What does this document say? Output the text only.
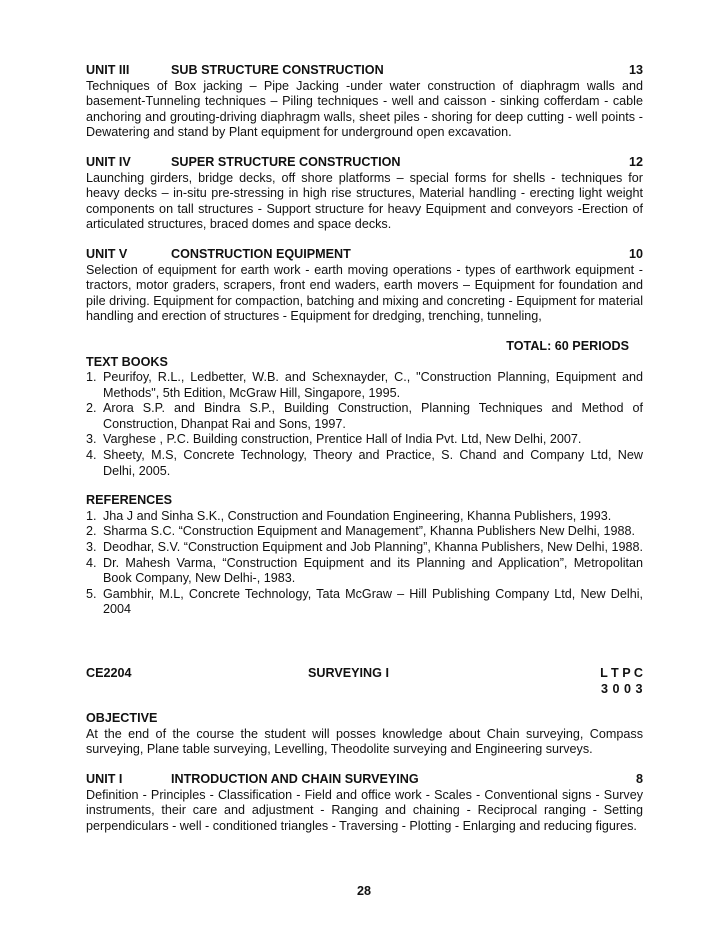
UNIT III	SUB STRUCTURE CONSTRUCTION	13
Techniques of Box jacking – Pipe Jacking -under water construction of diaphragm walls and basement-Tunneling techniques – Piling techniques - well and caisson - sinking cofferdam - cable anchoring and grouting-driving diaphragm walls, sheet piles - shoring for deep cutting - well points -Dewatering and stand by Plant equipment for underground open excavation.
UNIT IV	SUPER STRUCTURE CONSTRUCTION	12
Launching girders, bridge decks, off shore platforms – special forms for shells - techniques for heavy decks – in-situ pre-stressing in high rise structures, Material handling - erecting light weight components on tall structures - Support structure for heavy Equipment and conveyors -Erection of articulated structures, braced domes and space decks.
UNIT V	CONSTRUCTION EQUIPMENT	10
Selection of equipment for earth work - earth moving operations - types of earthwork equipment - tractors, motor graders, scrapers, front end waders, earth movers – Equipment for foundation and pile driving. Equipment for compaction, batching and mixing and concreting - Equipment for material handling and erection of structures - Equipment for dredging, trenching, tunneling,
TOTAL: 60 PERIODS
TEXT BOOKS
1. Peurifoy, R.L., Ledbetter, W.B. and Schexnayder, C., "Construction Planning, Equipment and Methods", 5th Edition, McGraw Hill, Singapore, 1995.
2. Arora S.P. and Bindra S.P., Building Construction, Planning Techniques and Method of Construction, Dhanpat Rai and Sons, 1997.
3. Varghese , P.C. Building construction, Prentice Hall of India Pvt. Ltd, New Delhi, 2007.
4. Sheety, M.S, Concrete Technology, Theory and Practice, S. Chand and Company Ltd, New Delhi, 2005.
REFERENCES
1. Jha J and Sinha S.K., Construction and Foundation Engineering, Khanna Publishers, 1993.
2. Sharma S.C. “Construction Equipment and Management”, Khanna Publishers New Delhi, 1988.
3. Deodhar, S.V. “Construction Equipment and Job Planning”, Khanna Publishers, New Delhi, 1988.
4. Dr. Mahesh Varma, “Construction Equipment and its Planning and Application”, Metropolitan Book Company, New Delhi-, 1983.
5. Gambhir, M.L, Concrete Technology, Tata McGraw – Hill Publishing Company Ltd, New Delhi, 2004
CE2204	SURVEYING I	L T P C
3 0 0 3
OBJECTIVE
At the end of the course the student will posses knowledge about Chain surveying, Compass surveying, Plane table surveying, Levelling, Theodolite surveying and Engineering surveys.
UNIT I	INTRODUCTION AND CHAIN SURVEYING	8
Definition - Principles - Classification - Field and office work - Scales - Conventional signs - Survey instruments, their care and adjustment - Ranging and chaining - Reciprocal ranging - Setting perpendiculars - well - conditioned triangles - Traversing - Plotting - Enlarging and reducing figures.
28
